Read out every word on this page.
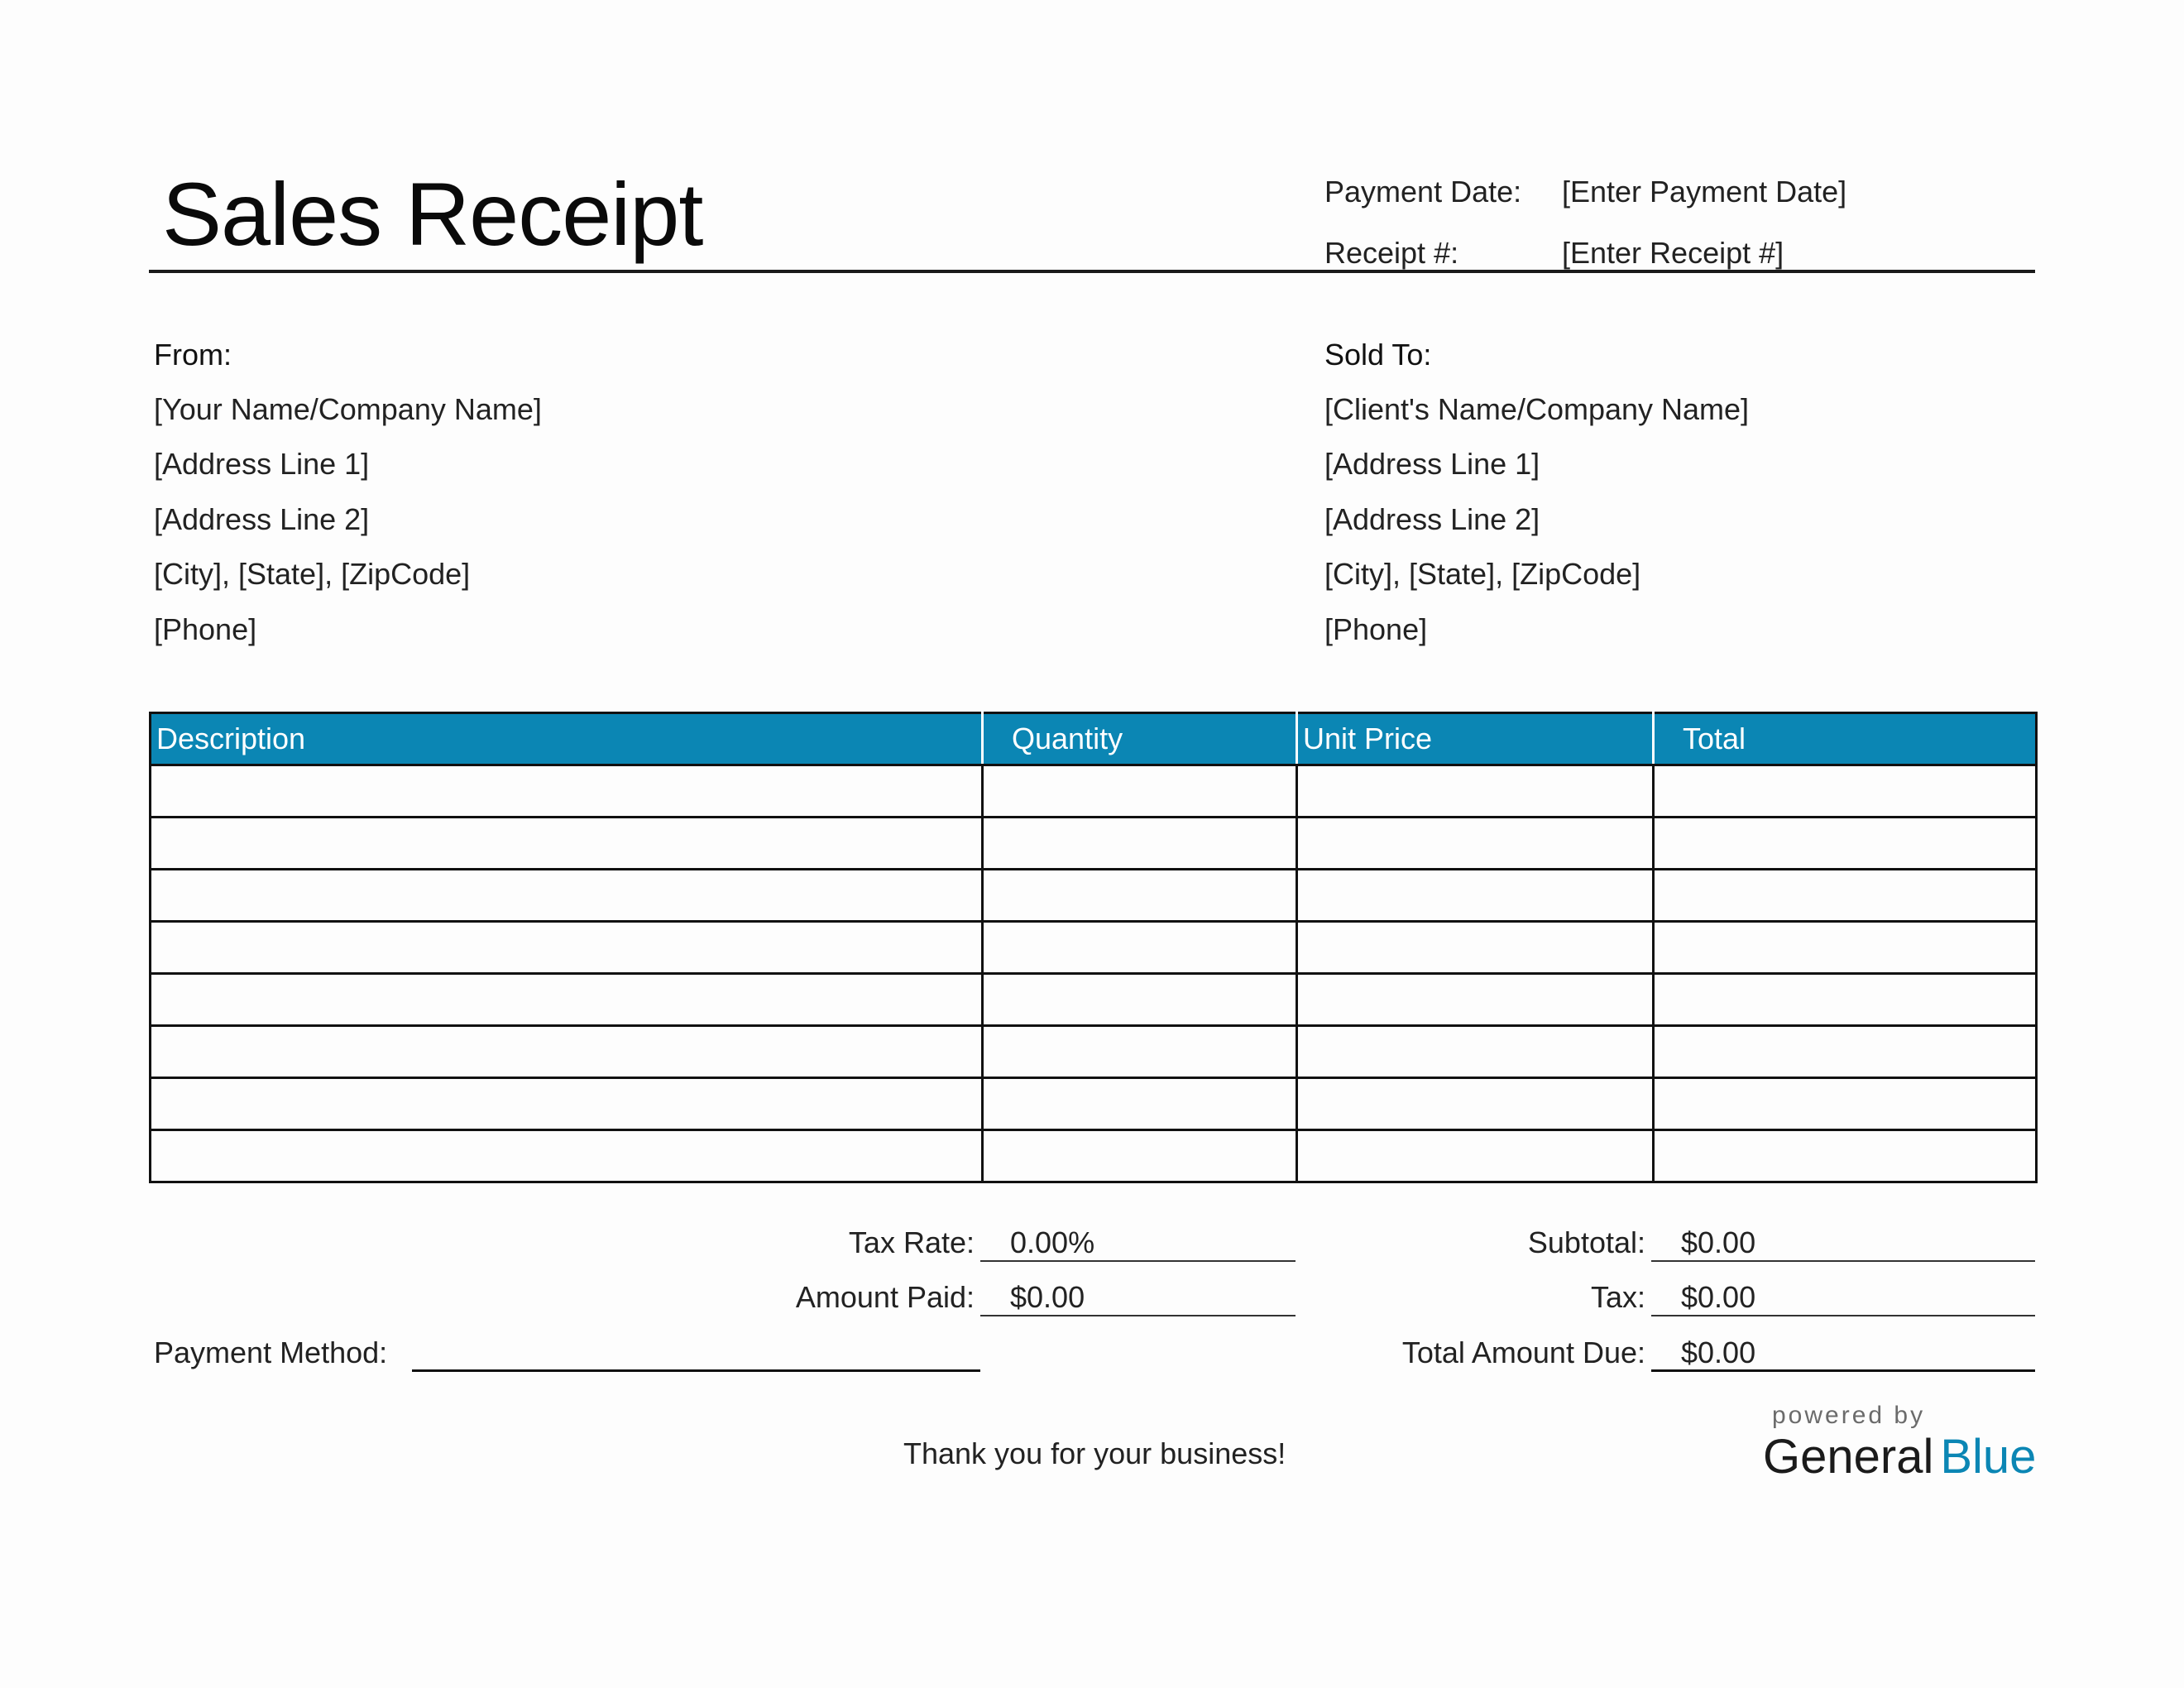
Sales Receipt	Payment Date: [Enter Payment Date]
Receipt #:	[Enter Receipt #]
From:
[Your Name/Company Name]
[Address Line 1]
[Address Line 2]
[City], [State], [ZipCode]
[Phone]
Sold To:
[Client's Name/Company Name]
[Address Line 1]
[Address Line 2]
[City], [State], [ZipCode]
[Phone]
Description	Quantity	Unit Price	Total

Tax Rate: 0.00%
Amount Paid: $0.00
Payment Method:
Subtotal: $0.00
Tax: $0.00
Total Amount Due: $0.00
Thank you for your business!
powered by
General Blue
